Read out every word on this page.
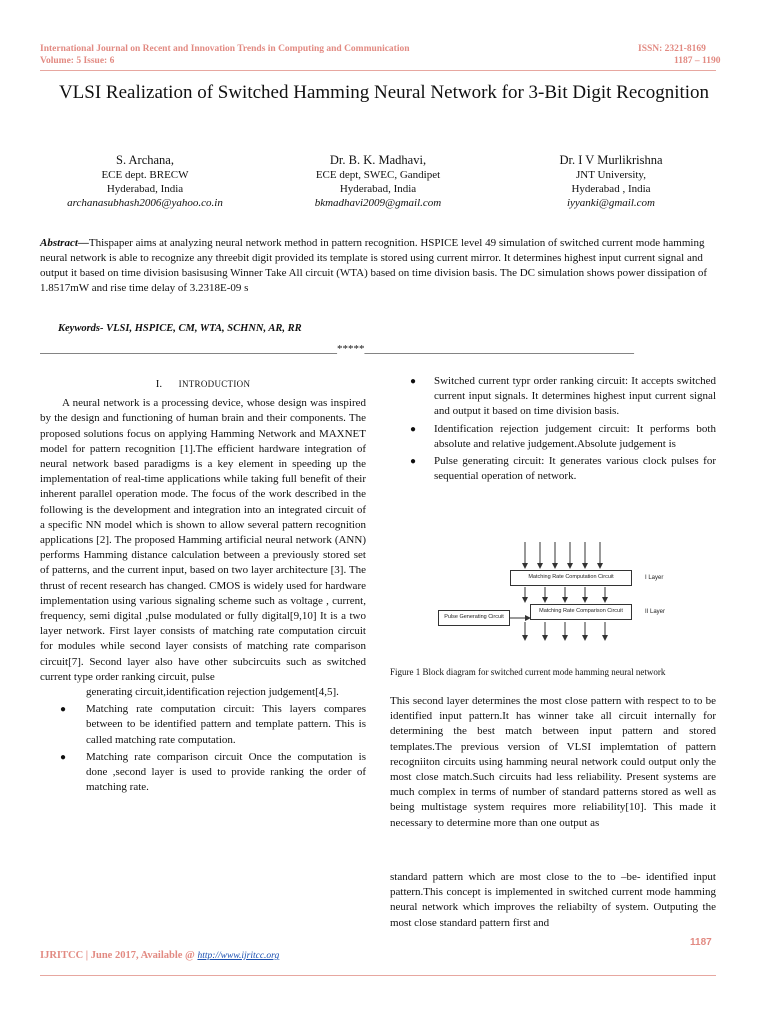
International Journal on Recent and Innovation Trends in Computing and Communication
Volume: 5 Issue: 6
ISSN: 2321-8169
1187 – 1190
VLSI Realization of Switched Hamming Neural Network for 3-Bit Digit Recognition
S. Archana,
ECE dept. BRECW
Hyderabad, India
archanasubhash2006@yahoo.co.in
Dr. B. K. Madhavi,
ECE dept, SWEC, Gandipet
Hyderabad, India
bkmadhavi2009@gmail.com
Dr. I V Murlikrishna
JNT University,
Hyderabad , India
iyyanki@gmail.com
Abstract—Thispaper aims at analyzing neural network method in pattern recognition. HSPICE level 49 simulation of switched current mode hamming neural network is able to recognize any threebit digit provided its template is stored using current mirror. It determines highest input current signal and output it based on time division basisusing Winner Take All circuit (WTA) based on time division basis. The DC simulation shows power dissipation of 1.8517mW and rise time delay of 3.2318E-09 s
Keywords- VLSI, HSPICE, CM, WTA, SCHNN, AR, RR
______________________________________________________*****_________________________________________________
I. INTRODUCTION

A neural network is a processing device, whose design was inspired by the design and functioning of human brain and their components. The proposed solutions focus on applying Hamming Network and MAXNET model for pattern recognition [1].The efficient hardware integration of neural network based paradigms is a key element in speeding up the implementation of real-time applications while taking full benefit of their inherent parallel operation mode. The focus of the work described in the following is the development and integration into an integrated circuit of a specific NN model which is shown to allow several pattern recognition applications [2]. The proposed Hamming artificial neural network (ANN) performs Hamming distance calculation between a previously stored set of patterns, and the current input, based on two layer architecture [3]. The thrust of recent research has changed. CMOS is widely used for hardware implementation using various signaling scheme such as voltage , current, frequency, semi digital ,pulse modulated or fully digital[9,10] It is a two layer network. First layer consists of matching rate computation circuit for modules while second layer consists of matching rate comparison circuit[7]. Second layer also have other subcircuits such as switched current type order ranking circuit, pulse

generating circuit,identification rejection judgement[4,5].
● Matching rate computation circuit: This layers compares between to be identified pattern and template pattern. This is called matching rate computation.
● Matching rate comparison circuit Once the computation is done ,second layer is used to provide ranking the order of matching rate.
● Switched current typr order ranking circuit: It accepts switched current input signals. It determines highest input current signal and output it based on time division basis.
● Identification rejection judgement circuit: It performs both absolute and relative judgement.Absolute judgement is
● Pulse generating circuit: It generates various clock pulses for sequential operation of network.
Matching Rate Computation Circuit
Matching Rate Comparison Circuit
Pulse Generating Circuit
I Layer
II Layer
Figure 1 Block diagram for switched current mode hamming neural network
This second layer determines the most close pattern with respect to to be identified input pattern.It has winner take all circuit internally for determining the best match between input pattern and stored templates.The previous version of VLSI implemtation of pattern recogniiton circuits using hamming neural network could output only the most close match.Such circuits had less reliability. Present systems are much complex in terms of number of standard patterns stored as well as being multistage system requires more reliability[10]. This made it necessary to determine more than one output as
standard pattern which are most close to the to –be- identified input pattern.This concept is implemented in switched current mode hamming neural network which improves the reliabilty of system. Outputing the most close standard pattern first and
1187
IJRITCC | June 2017, Available @ http://www.ijritcc.org
